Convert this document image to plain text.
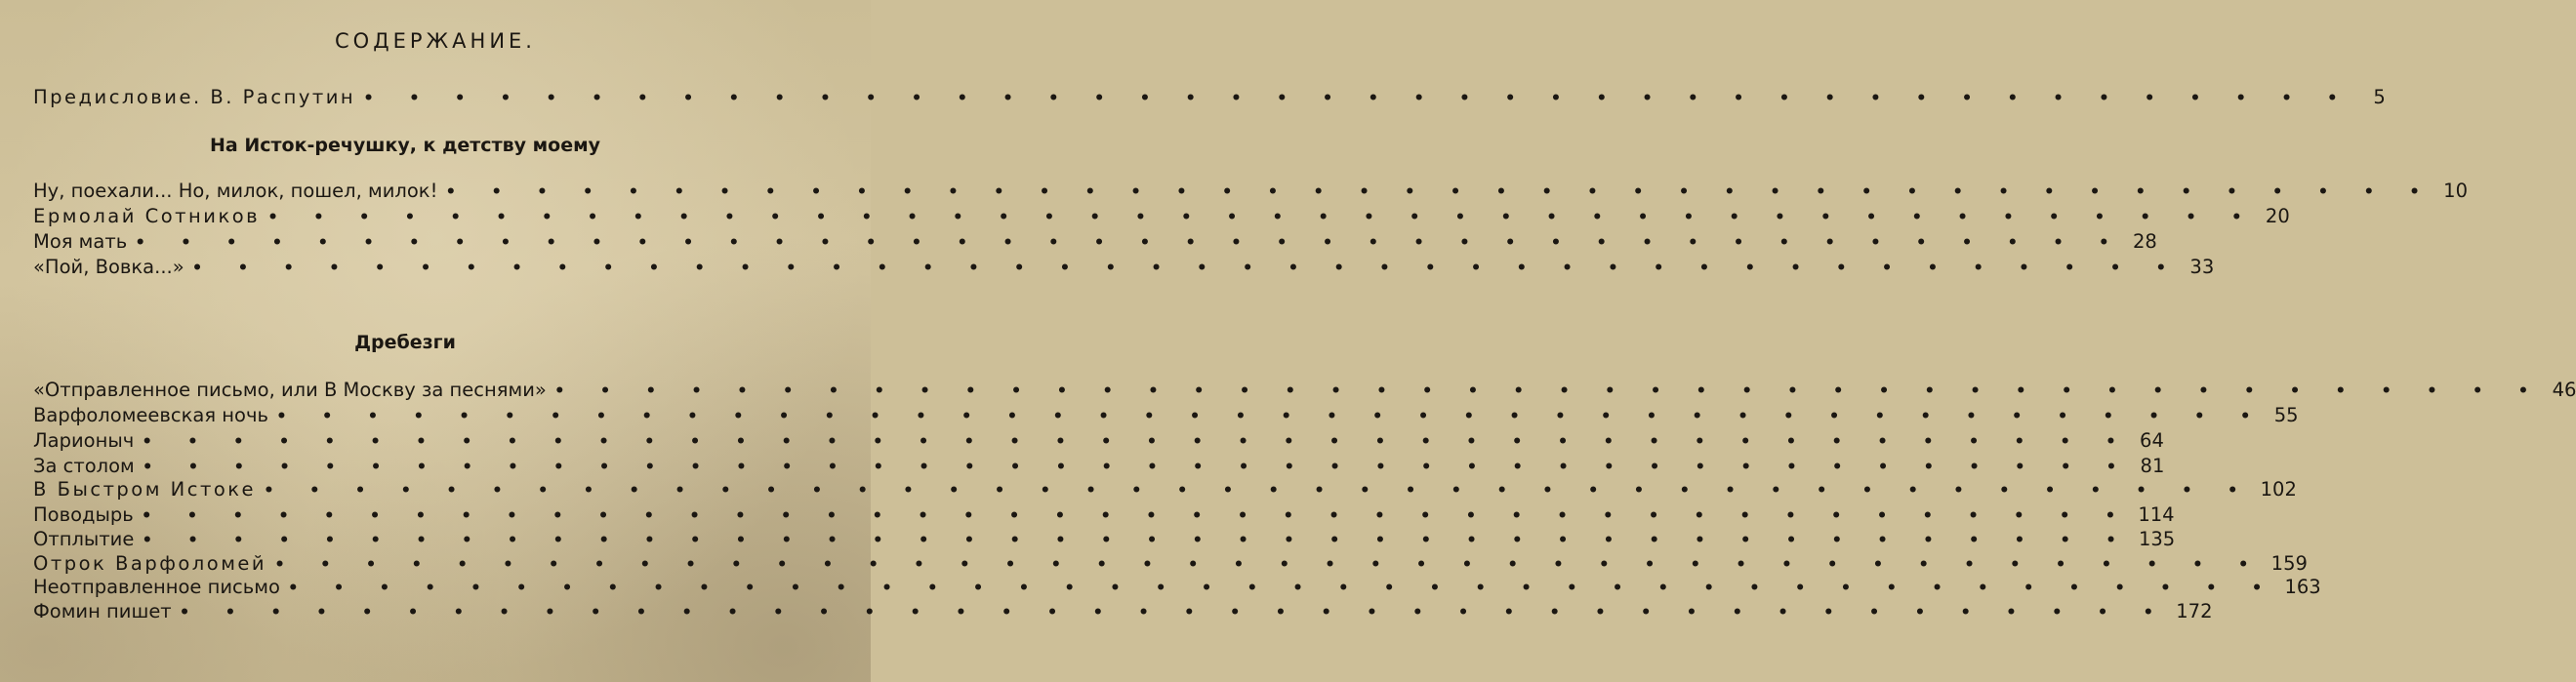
СОДЕРЖАНИЕ.
Предисловие. В. Распутин • • • • • • • • • • • • • • • • • • • • • • • • • • • • • • • • • • • • • • • • • • • •	5
На Исток-речушку, к детству моему
Ну, поехали... Но, милок, пошел, милок! • • • • • • • • • • • • • • • • • • • • • • • • • • • • • • • • • • • • • • • • • • • • 10
Ермолай Сотников • • • • • • • • • • • • • • • • • • • • • • • • • • • • • • • • • • • • • • • • • • • • 20
Моя мать • • • • • • • • • • • • • • • • • • • • • • • • • • • • • • • • • • • • • • • • • • • • 28
«Пой, Вовка...» • • • • • • • • • • • • • • • • • • • • • • • • • • • • • • • • • • • • • • • • • • • • 33
Дребезги
«Отправленное письмо, или В Москву за песнями» • • • • • • • • • • • • • • • • • • • • • • • • • • • • • • • • • • • • • • • • • • • • 46
Варфоломеевская ночь • • • • • • • • • • • • • • • • • • • • • • • • • • • • • • • • • • • • • • • • • • • • 55
Ларионыч • • • • • • • • • • • • • • • • • • • • • • • • • • • • • • • • • • • • • • • • • • • • 64
За столом • • • • • • • • • • • • • • • • • • • • • • • • • • • • • • • • • • • • • • • • • • • • 81
В Быстром Истоке • • • • • • • • • • • • • • • • • • • • • • • • • • • • • • • • • • • • • • • • • • • • 102
Поводырь • • • • • • • • • • • • • • • • • • • • • • • • • • • • • • • • • • • • • • • • • • • • 114
Отплытие • • • • • • • • • • • • • • • • • • • • • • • • • • • • • • • • • • • • • • • • • • • • 135
Отрок Варфоломей • • • • • • • • • • • • • • • • • • • • • • • • • • • • • • • • • • • • • • • • • • • • 159
Неотправленное письмо • • • • • • • • • • • • • • • • • • • • • • • • • • • • • • • • • • • • • • • • • • • • 163
Фомин пишет • • • • • • • • • • • • • • • • • • • • • • • • • • • • • • • • • • • • • • • • • • • • 172
